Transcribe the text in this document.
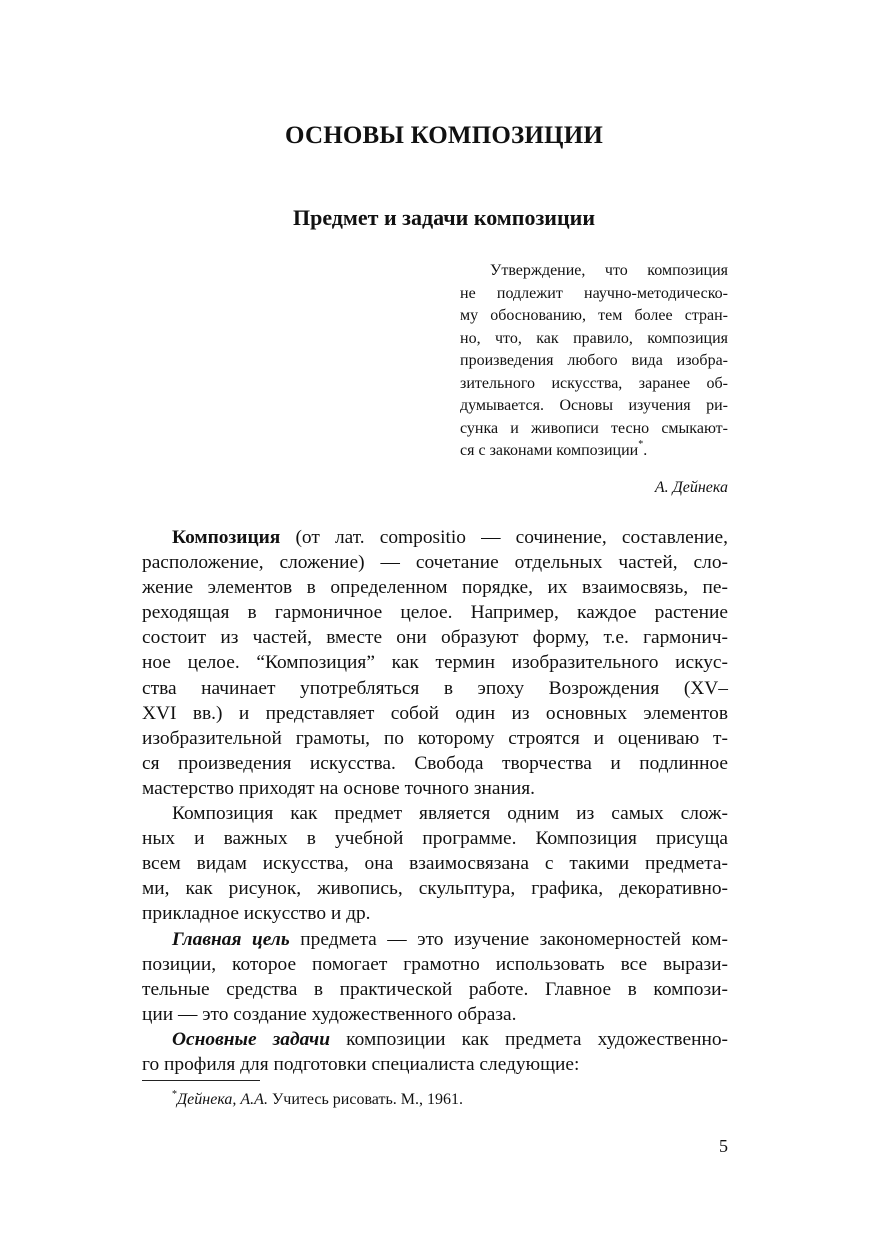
ОСНОВЫ КОМПОЗИЦИИ
Предмет и задачи композиции
Утверждение, что композиция
не подлежит научно-методическо-
му обоснованию, тем более стран-
но, что, как правило, композиция
произведения любого вида изобра-
зительного искусства, заранее об-
думывается. Основы изучения ри-
сунка и живописи тесно смыкают-
ся с законами композиции*.
А. Дейнека
Композиция (от лат. compositio — сочинение, составление,
расположение, сложение) — сочетание отдельных частей, сло-
жение элементов в определенном порядке, их взаимосвязь, пе-
реходящая в гармоничное целое. Например, каждое растение
состоит из частей, вместе они образуют форму, т.е. гармонич-
ное целое. “Композиция” как термин изобразительного искус-
ства начинает употребляться в эпоху Возрождения (XV–
XVI вв.) и представляет собой один из основных элементов
изобразительной грамоты, по которому строятся и оцениваю т-
ся произведения искусства. Свобода творчества и подлинное
мастерство приходят на основе точного знания.
Композиция как предмет является одним из самых слож-
ных и важных в учебной программе. Композиция присуща
всем видам искусства, она взаимосвязана с такими предмета-
ми, как рисунок, живопись, скульптура, графика, декоративно-
прикладное искусство и др.
Главная цель предмета — это изучение закономерностей ком-
позиции, которое помогает грамотно использовать все вырази-
тельные средства в практической работе. Главное в компози-
ции — это создание художественного образа.
Основные задачи композиции как предмета художественно-
го профиля для подготовки специалиста следующие:
*Дейнека, А.А. Учитесь рисовать. М., 1961.
5
